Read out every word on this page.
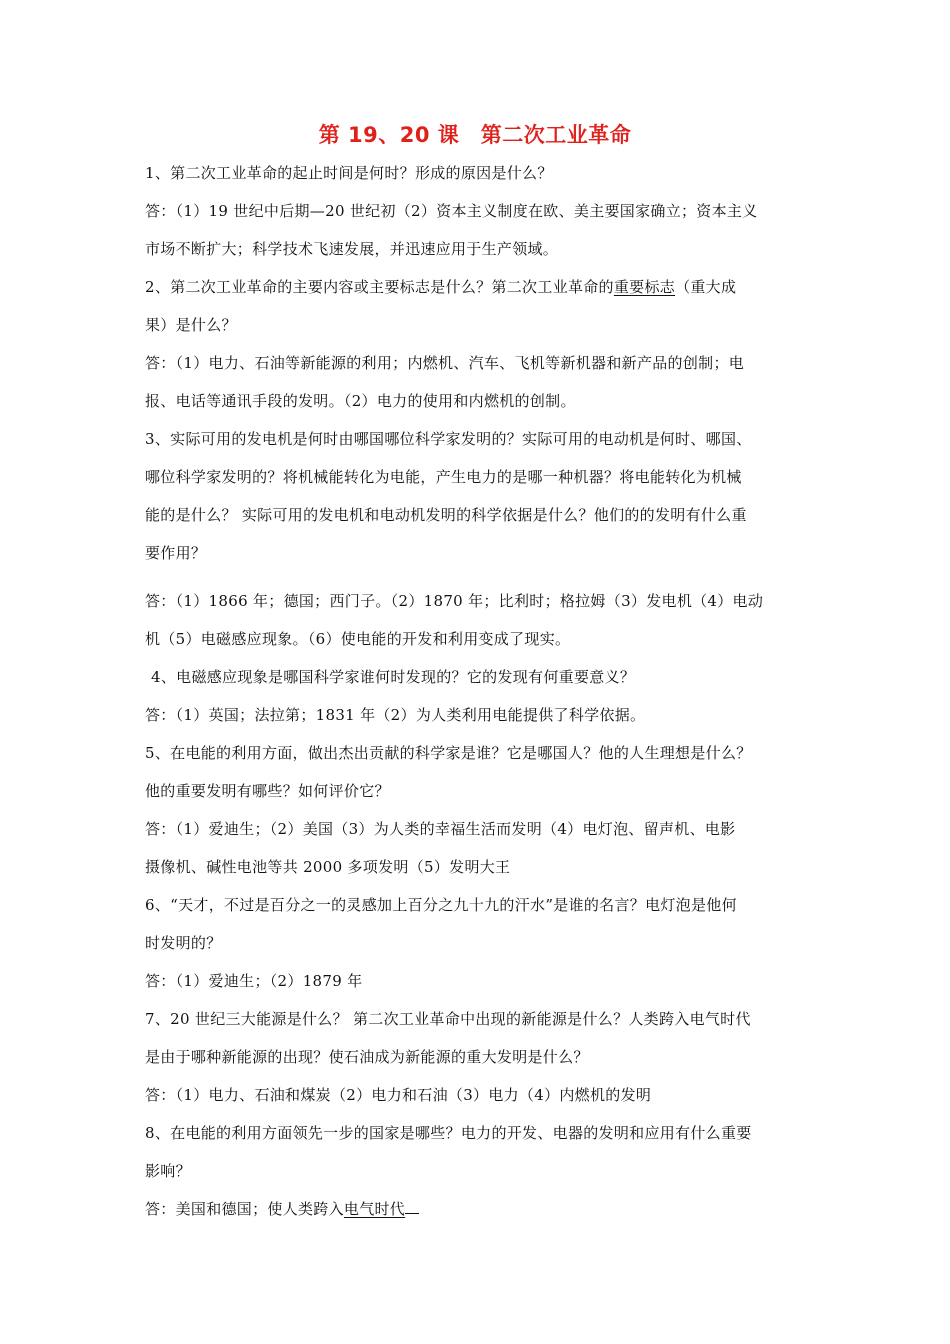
第 19、20 课　第二次工业革命
1、第二次工业革命的起止时间是何时？形成的原因是什么？
答：（1）19 世纪中后期—20 世纪初（2）资本主义制度在欧、美主要国家确立；资本主义
市场不断扩大；科学技术飞速发展，并迅速应用于生产领域。
2、第二次工业革命的主要内容或主要标志是什么？第二次工业革命的重要标志（重大成
果）是什么？
答：（1）电力、石油等新能源的利用；内燃机、汽车、飞机等新机器和新产品的创制；电
报、电话等通讯手段的发明。（2）电力的使用和内燃机的创制。
3、实际可用的发电机是何时由哪国哪位科学家发明的？实际可用的电动机是何时、哪国、
哪位科学家发明的？将机械能转化为电能，产生电力的是哪一种机器？将电能转化为机械
能的是什么？ 实际可用的发电机和电动机发明的科学依据是什么？他们的的发明有什么重
要作用？
答：（1）1866 年；德国；西门子。（2）1870 年；比利时；格拉姆（3）发电机（4）电动
机（5）电磁感应现象。（6）使电能的开发和利用变成了现实。
4、电磁感应现象是哪国科学家谁何时发现的？它的发现有何重要意义？
答：（1）英国；法拉第；1831 年（2）为人类利用电能提供了科学依据。
5、在电能的利用方面，做出杰出贡献的科学家是谁？它是哪国人？他的人生理想是什么？
他的重要发明有哪些？如何评价它？
答：（1）爱迪生；（2）美国（3）为人类的幸福生活而发明（4）电灯泡、留声机、电影
摄像机、碱性电池等共 2000 多项发明（5）发明大王
6、“天才，不过是百分之一的灵感加上百分之九十九的汗水”是谁的名言？电灯泡是他何
时发明的？
答：（1）爱迪生；（2）1879 年
7、20 世纪三大能源是什么？ 第二次工业革命中出现的新能源是什么？人类跨入电气时代
是由于哪种新能源的出现？使石油成为新能源的重大发明是什么？
答：（1）电力、石油和煤炭（2）电力和石油（3）电力（4）内燃机的发明
8、在电能的利用方面领先一步的国家是哪些？电力的开发、电器的发明和应用有什么重要
影响？
答：美国和德国；使人类跨入电气时代
